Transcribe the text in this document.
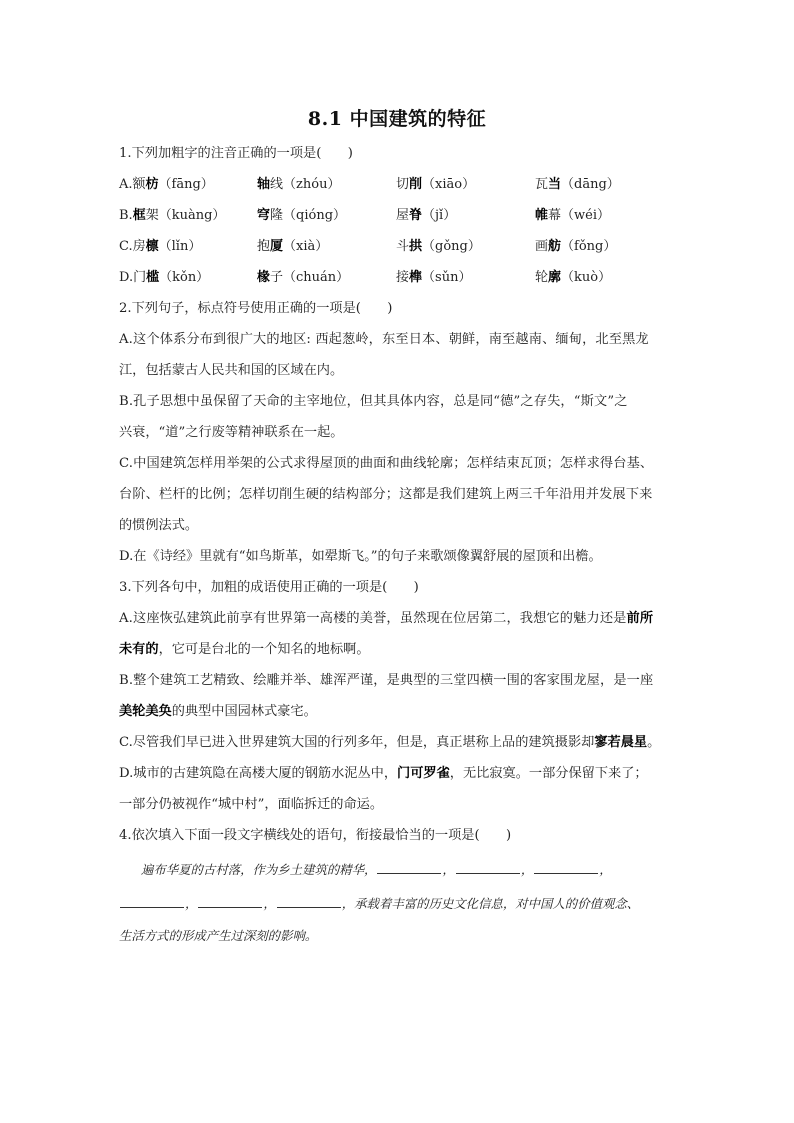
8.1 中国建筑的特征
1.下列加粗字的注音正确的一项是(　　)
A.额枋（fāng）	轴线（zhóu）	切削（xiāo）	瓦当（dāng）
B.框架（kuàng） 穹隆（qióng）	屋脊（jǐ）	帷幕（wéi）
C.房檩（lǐn）	抱厦（xià）	斗拱（gǒng）	画舫（fǒng）
D.门槛（kǒn）	椽子（chuán）	接榫（sǔn）	轮廓（kuò）
2.下列句子，标点符号使用正确的一项是(　　)
A.这个体系分布到很广大的地区: 西起葱岭，东至日本、朝鲜，南至越南、缅甸，北至黑龙
江，包括蒙古人民共和国的区域在内。
B.孔子思想中虽保留了天命的主宰地位，但其具体内容，总是同“德”之存失，“斯文”之
兴衰，“道”之行废等精神联系在一起。
C.中国建筑怎样用举架的公式求得屋顶的曲面和曲线轮廓；怎样结束瓦顶；怎样求得台基、
台阶、栏杆的比例；怎样切削生硬的结构部分；这都是我们建筑上两三千年沿用并发展下来
的惯例法式。
D.在《诗经》里就有“如鸟斯革，如翚斯飞。”的句子来歌颂像翼舒展的屋顶和出檐。
3.下列各句中，加粗的成语使用正确的一项是(　　)
A.这座恢弘建筑此前享有世界第一高楼的美誉，虽然现在位居第二，我想它的魅力还是前所
未有的，它可是台北的一个知名的地标啊。
B.整个建筑工艺精致、绘雕并举、雄浑严谨，是典型的三堂四横一围的客家围龙屋，是一座
美轮美奂的典型中国园林式豪宅。
C.尽管我们早已进入世界建筑大国的行列多年，但是，真正堪称上品的建筑摄影却寥若晨星。
D.城市的古建筑隐在高楼大厦的钢筋水泥丛中，门可罗雀，无比寂寞。一部分保留下来了；
一部分仍被视作“城中村”，面临拆迁的命运。
4.依次填入下面一段文字横线处的语句，衔接最恰当的一项是(　　)
遍布华夏的古村落，作为乡土建筑的精华，	，	，	，
，	，	，承载着丰富的历史文化信息，对中国人的价值观念、
生活方式的形成产生过深刻的影响。
